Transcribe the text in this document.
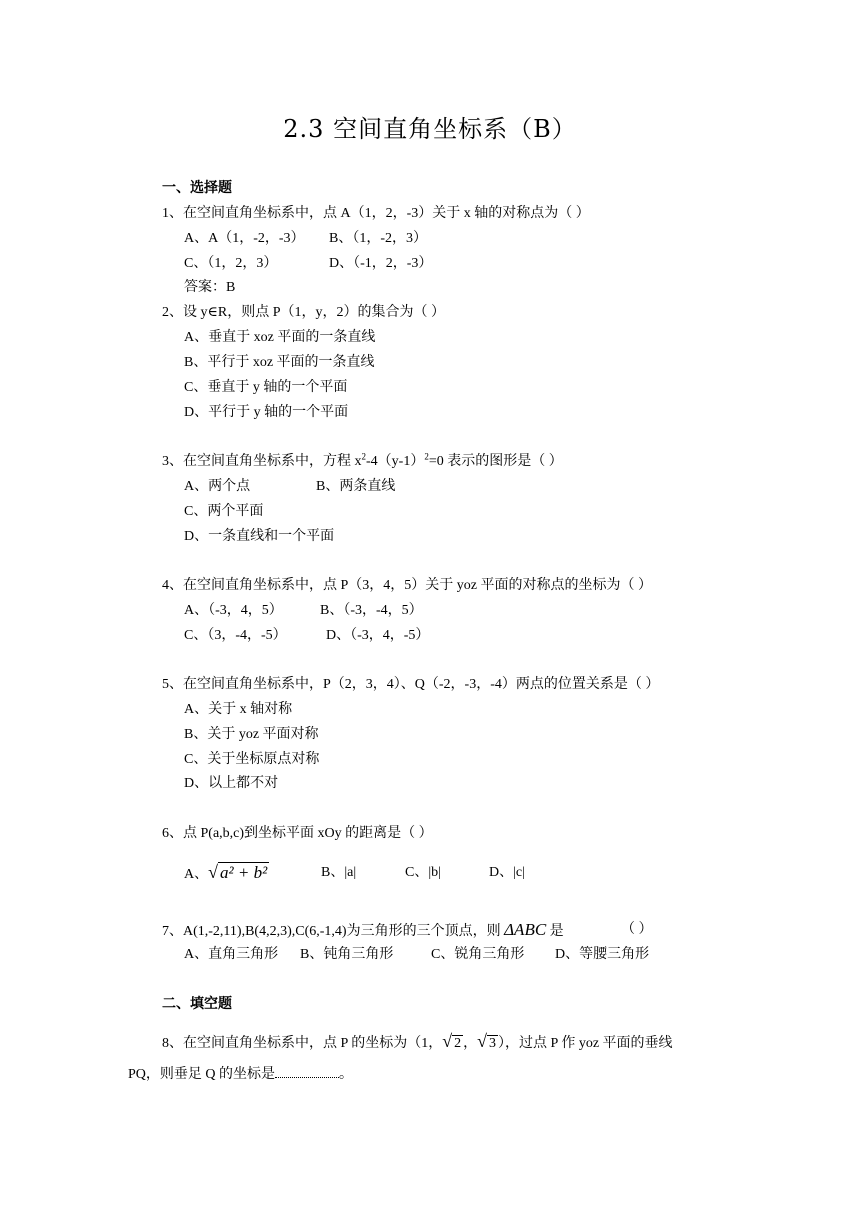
2.3 空间直角坐标系（B）
一、选择题
1、在空间直角坐标系中，点 A（1，2，-3）关于 x 轴的对称点为（ ）
A、A（1，-2，-3） B、（1，-2，3）
C、（1，2，3）	D、（-1，2，-3）
答案：B
2、设 y∈R，则点 P（1，y，2）的集合为（ ）
A、垂直于 xoz 平面的一条直线
B、平行于 xoz 平面的一条直线
C、垂直于 y 轴的一个平面
D、平行于 y 轴的一个平面
3、在空间直角坐标系中，方程 $x^2-4(y-1)^2=0$ 表示的图形是（ ）
A、两个点	B、两条直线
C、两个平面
D、一条直线和一个平面
4、在空间直角坐标系中，点 P（3，4，5）关于 yoz 平面的对称点的坐标为（ ）
A、（-3，4，5）	B、（-3，-4，5）
C、（3，-4，-5）	D、（-3，4，-5）
5、在空间直角坐标系中，P（2，3，4）、Q（-2，-3，-4）两点的位置关系是（ ）
A、关于 x 轴对称
B、关于 yoz 平面对称
C、关于坐标原点对称
D、以上都不对
6、点 P(a,b,c)到坐标平面 xOy 的距离是（ ）
A、√ a² + b²	B、|a|	C、|b|	D、|c|
7、A(1,-2,11),B(4,2,3),C(6,-1,4)为三角形的三个顶点，则 ΔABC 是	（ ）
A、直角三角形 B、钝角三角形	C、锐角三角形 D、等腰三角形
二、填空题
8、在空间直角坐标系中，点 P 的坐标为（1，√ 2 ，√ 3 ），过点 P 作 yoz 平面的垂线
PQ，则垂足 Q 的坐标是	。
